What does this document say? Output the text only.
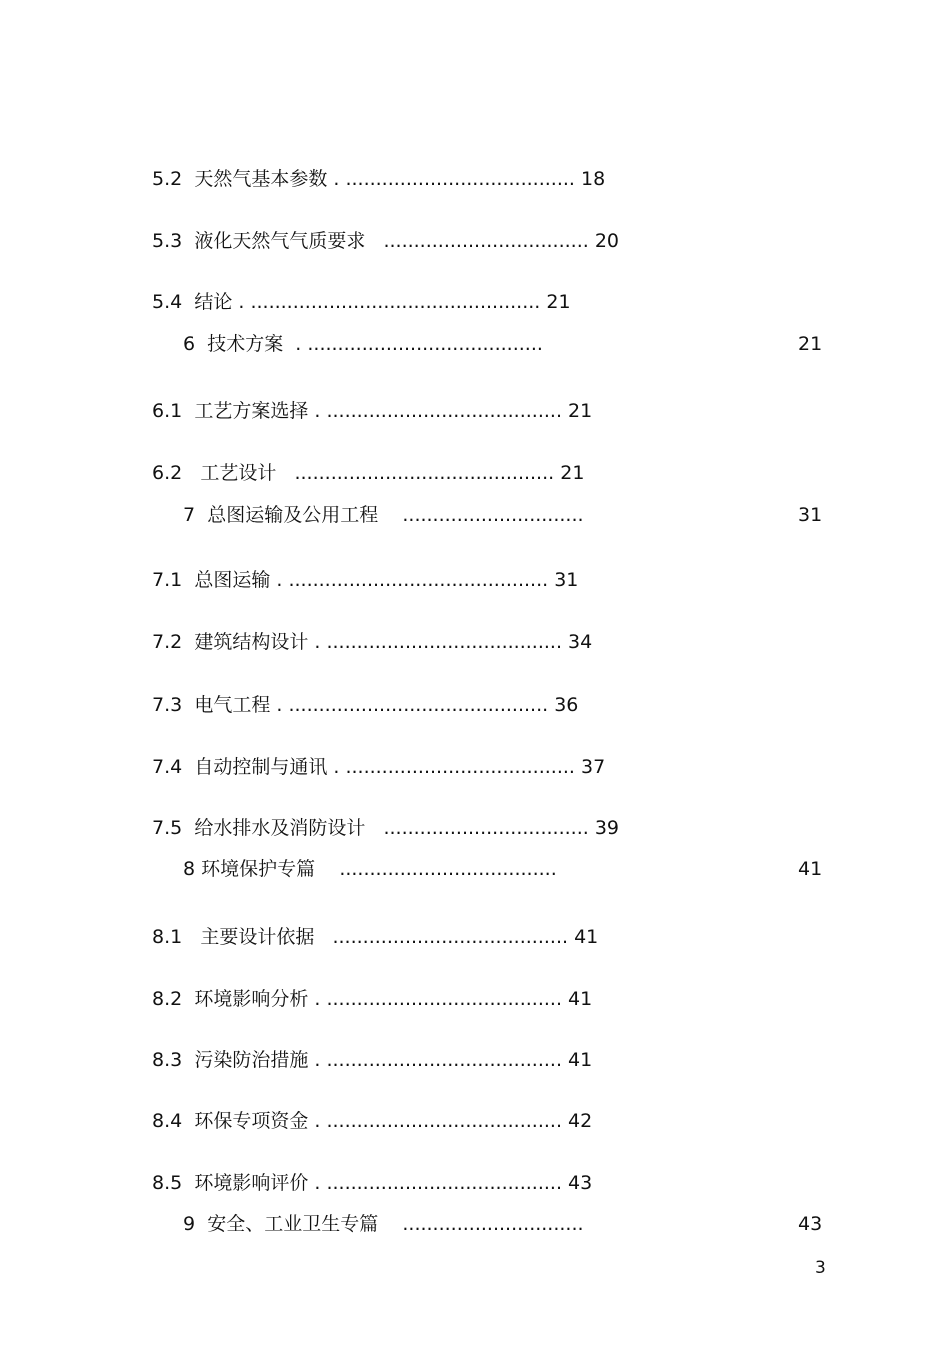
5.2 天然气基本参数 . ...................................... 18
5.3 液化天然气气质要求   .................................. 20
5.4 结论 . ................................................ 21
6 技术方案  . .......................................	21
6.1 工艺方案选择 . ....................................... 21
6.2   工艺设计   ........................................... 21
7 总图运输及公用工程    ..............................	31
7.1 总图运输 . ........................................... 31
7.2 建筑结构设计 . ....................................... 34
7.3 电气工程 . ........................................... 36
7.4 自动控制与通讯 . ...................................... 37
7.5 给水排水及消防设计   .................................. 39
8 环境保护专篇    ....................................	41
8.1   主要设计依据   ....................................... 41
8.2 环境影响分析 . ....................................... 41
8.3 污染防治措施 . ....................................... 41
8.4 环保专项资金 . ....................................... 42
8.5 环境影响评价 . ....................................... 43
9 安全、工业卫生专篇    ..............................	43
3
